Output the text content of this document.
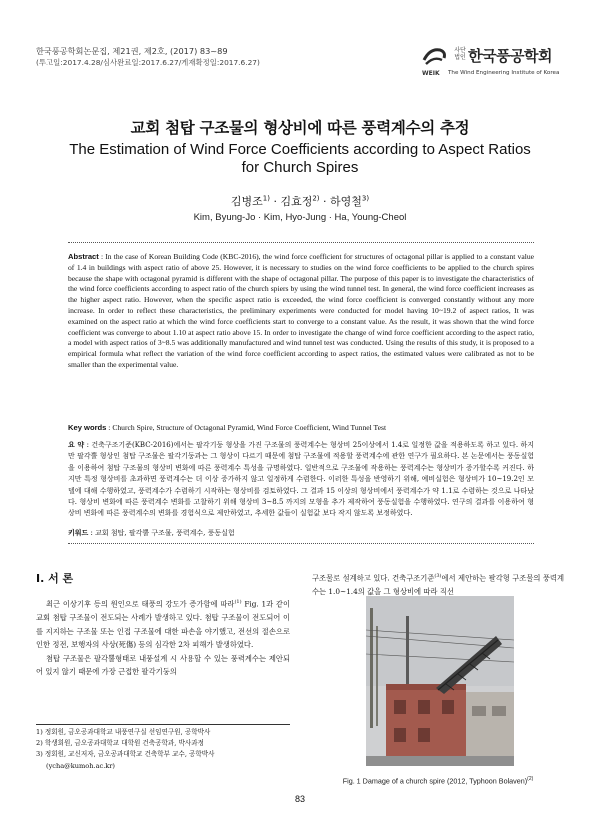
한국풍공학회논문집, 제21권, 제2호, (2017) 83~89
(투고일:2017.4.28/심사완료일:2017.6.27/게재확정일:2017.6.27)
사단 법인 한국풍공학회
WEIK The Wind Engineering Institute of Korea
교회 첨탑 구조물의 형상비에 따른 풍력계수의 추정
The Estimation of Wind Force Coefficients according to Aspect Ratios for Church Spires
김병조$^{1)}$ · 김효정$^{2)}$ · 하영철$^{3)}$
Kim, Byung-Jo · Kim, Hyo-Jung · Ha, Young-Cheol
Abstract : In the case of Korean Building Code (KBC-2016), the wind force coefficient for structures of octagonal pillar is applied to a constant value of 1.4 in buildings with aspect ratio of above 25. However, it is necessary to studies on the wind force coefficients to be applied to the church spires because the shape with octagonal pyramid is different with the shape of octagonal pillar. The purpose of this paper is to investigate the characteristics of the wind force coefficients according to aspect ratio of the church spiers by using the wind tunnel test. In general, the wind force coefficient increases as the higher aspect ratio. However, when the specific aspect ratio is exceeded, the wind force coefficient is converged constantly without any more increase. In order to reflect these characteristics, the preliminary experiments were conducted for model having 10~19.2 of aspect ratios, It was examined on the aspect ratio at which the wind force coefficients start to converge to a constant value. As the result, it was shown that the wind force coefficient was converge to about 1.10 at aspect ratio above 15. In order to investigate the change of wind force coefficient according to the aspect ratio, a model with aspect ratios of 3~8.5 was additionally manufactured and wind tunnel test was conducted. Using the results of this study, it is proposed to a empirical formula what reflect the variation of the wind force coefficient according to aspect ratios, the estimated values were calibrated as not to be smaller than the experimental value.
Key words : Church Spire, Structure of Octagonal Pyramid, Wind Force Coefficient, Wind Tunnel Test
요 약 : 건축구조기준(KBC-2016)에서는 팔각기둥 형상을 가진 구조물의 풍력계수는 형상비 25이상에서 1.4로 일정한 값을 적용하도록 하고 있다. 하지만 팔각뿔 형상인 첨탑 구조물은 팔각기둥과는 그 형상이 다르기 때문에 첨탑 구조물에 적용할 풍력계수에 관한 연구가 필요하다. 본 논문에서는 풍동실험을 이용하여 첨탑 구조물의 형상비 변화에 따른 풍력계수 특성을 규명하였다. 일반적으로 구조물에 작용하는 풍력계수는 형상비가 증가할수록 커진다. 하지만 특정 형상비를 초과하면 풍력계수는 더 이상 증가하지 않고 일정하게 수렴한다. 이러한 특성을 반영하기 위해, 예비실험은 형상비가 10~19.2인 모델에 대해 수행하였고, 풍력계수가 수렴하기 시작하는 형상비를 검토하였다. 그 결과 15 이상의 형상비에서 풍력계수가 약 1.1로 수렴하는 것으로 나타났다. 형상비 변화에 따른 풍력계수 변화를 고찰하기 위해 형상비 3~8.5 까지의 모형을 추가 제작하여 풍동실험을 수행하였다. 연구의 결과를 이용하여 형상비 변화에 따른 풍력계수의 변화를 경험식으로 제안하였고, 추세한 값들이 실험값 보다 작지 않도록 보정하였다.
키워드 : 교회 첨탑, 팔각뿔 구조물, 풍력계수, 풍동실험
I. 서 론
최근 이상기후 등의 원인으로 태풍의 강도가 증가함에 따라$^{(1)}$ Fig. 1과 같이 교회 첨탑 구조물이 전도되는 사례가 발생하고 있다. 첨탑 구조물이 전도되어 이를 지지하는 구조물 또는 인접 구조물에 대한 파손을 야기했고, 전선의 절손으로 인한 정전, 보행자의 사상(死傷) 등의 심각한 2차 피해가 발생하였다.
첨탑 구조물은 팔각뿔형태로 내풍설계 시 사용할 수 있는 풍력계수는 제안되어 있지 않기 때문에 가장 근접한 팔각기둥의
1) 정회원, 금오공과대학교 내풍연구실 선임연구원, 공학박사
2) 학생회원, 금오공과대학교 대학원 건축공학과, 박사과정
3) 정회원, 교신저자, 금오공과대학교 건축학부 교수, 공학박사
(ycha@kumoh.ac.kr)
구조물로 설계하고 있다. 건축구조기준$^{(3)}$에서 제안하는 팔각형 구조물의 풍력계수는 1.0~1.4의 값을 그 형상비에 따라 직선
Fig. 1 Damage of a church spire (2012, Typhoon Bolaven)$^{(2)}$
83
